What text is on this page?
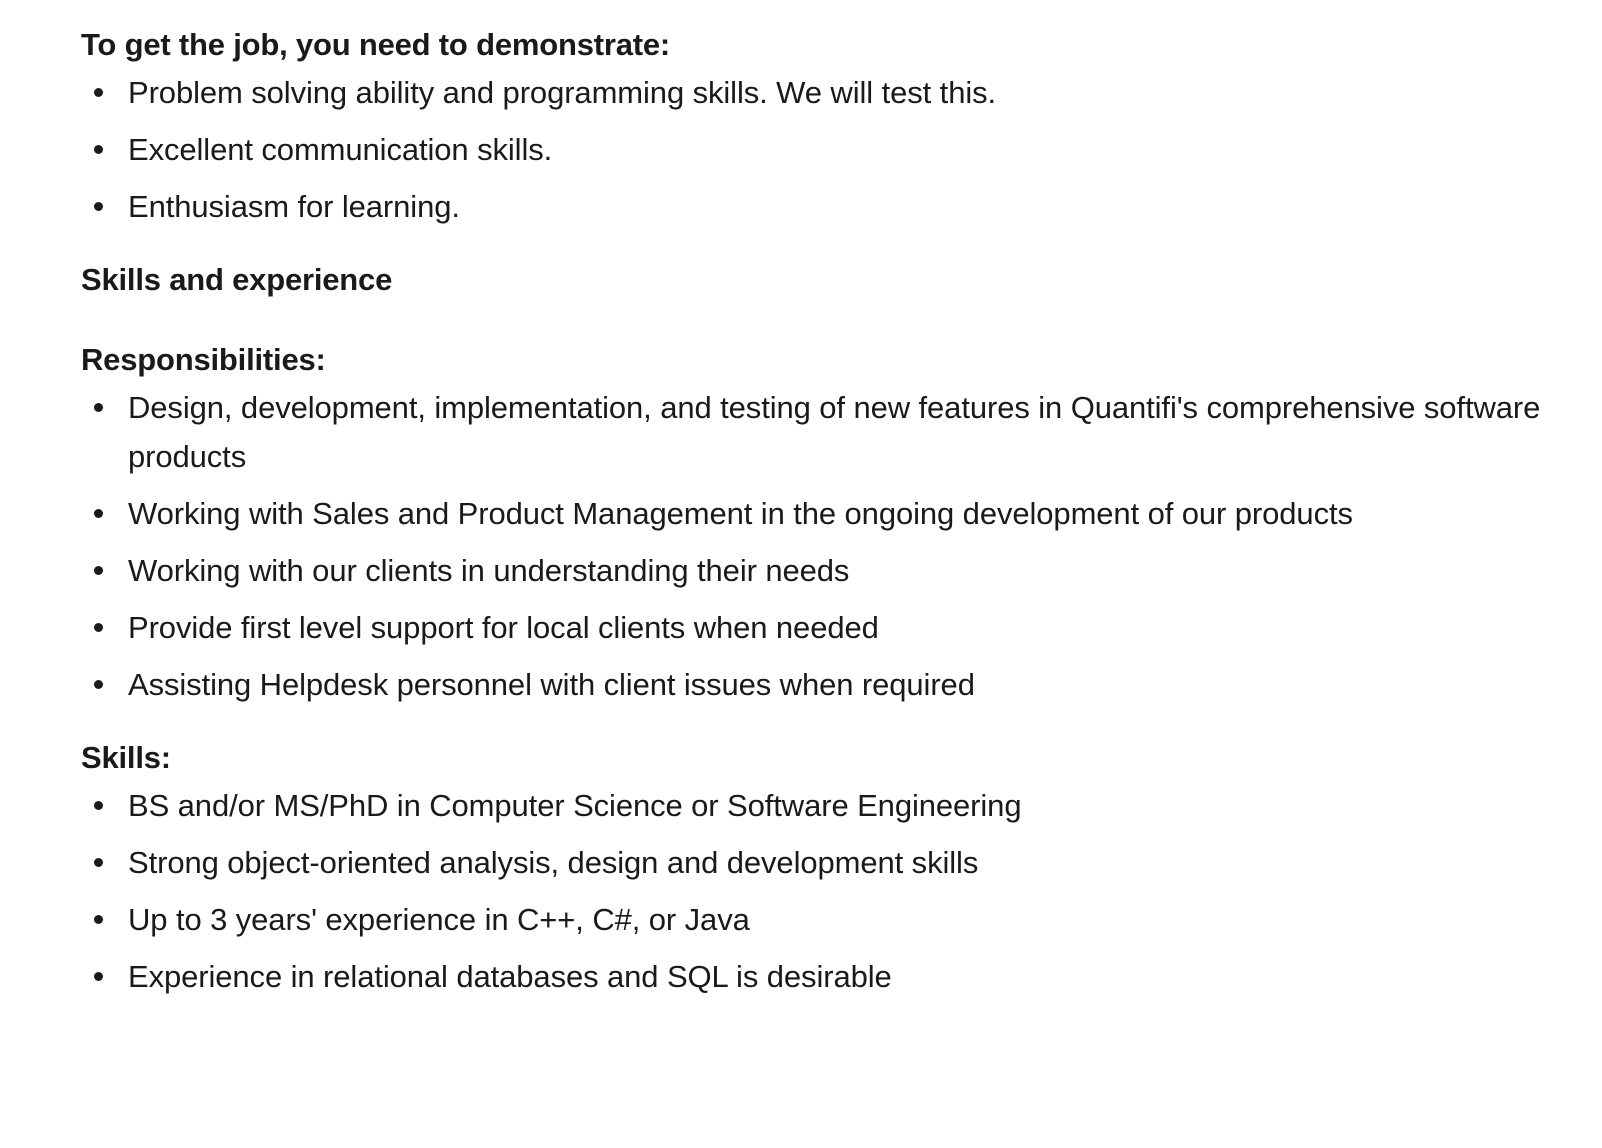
To get the job, you need to demonstrate:
Problem solving ability and programming skills. We will test this.
Excellent communication skills.
Enthusiasm for learning.
Skills and experience
Responsibilities:
Design, development, implementation, and testing of new features in Quantifi's comprehensive software products
Working with Sales and Product Management in the ongoing development of our products
Working with our clients in understanding their needs
Provide first level support for local clients when needed
Assisting Helpdesk personnel with client issues when required
Skills:
BS and/or MS/PhD in Computer Science or Software Engineering
Strong object-oriented analysis, design and development skills
Up to 3 years' experience in C++, C#, or Java
Experience in relational databases and SQL is desirable
